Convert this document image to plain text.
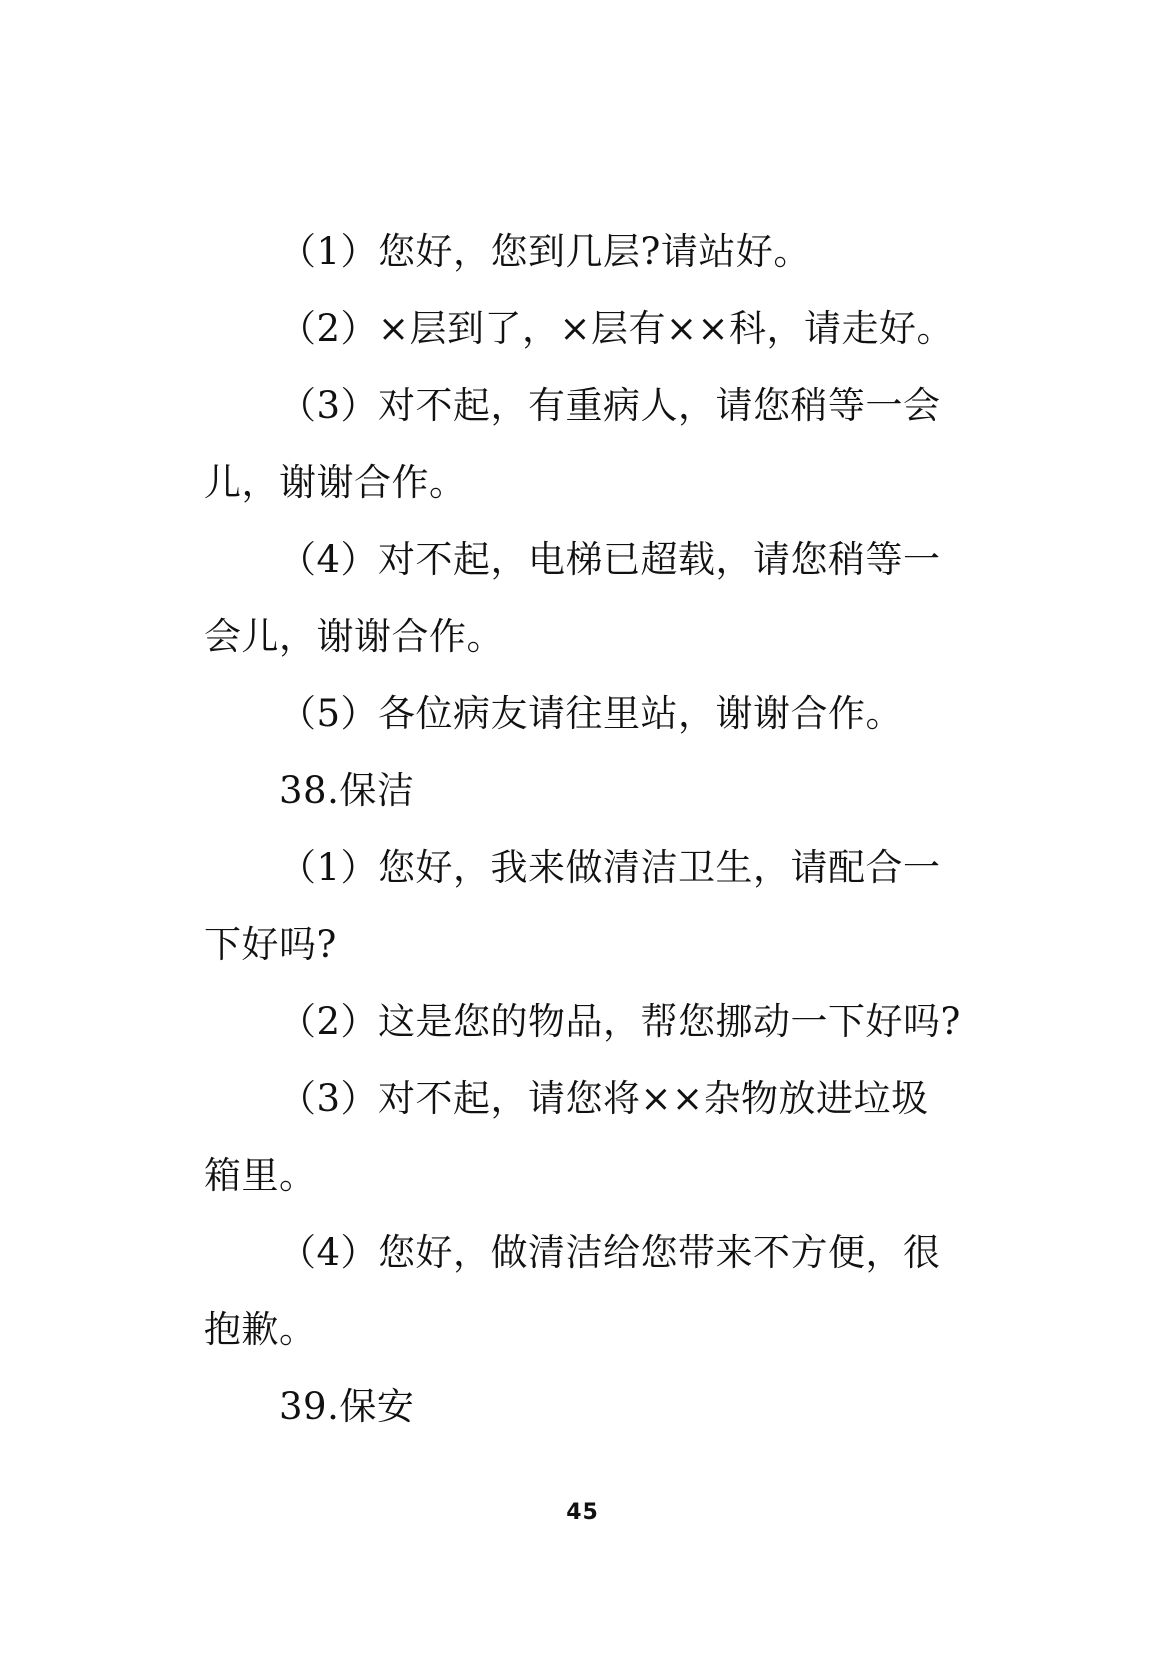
（1）您好，您到几层?请站好。
（2）×层到了，×层有××科，请走好。
（3）对不起，有重病人，请您稍等一会
儿，谢谢合作。
（4）对不起，电梯已超载，请您稍等一
会儿，谢谢合作。
（5）各位病友请往里站，谢谢合作。
38.保洁
（1）您好，我来做清洁卫生，请配合一
下好吗?
（2）这是您的物品，帮您挪动一下好吗?
（3）对不起，请您将××杂物放进垃圾
箱里。
（4）您好，做清洁给您带来不方便，很
抱歉。
39.保安
45
